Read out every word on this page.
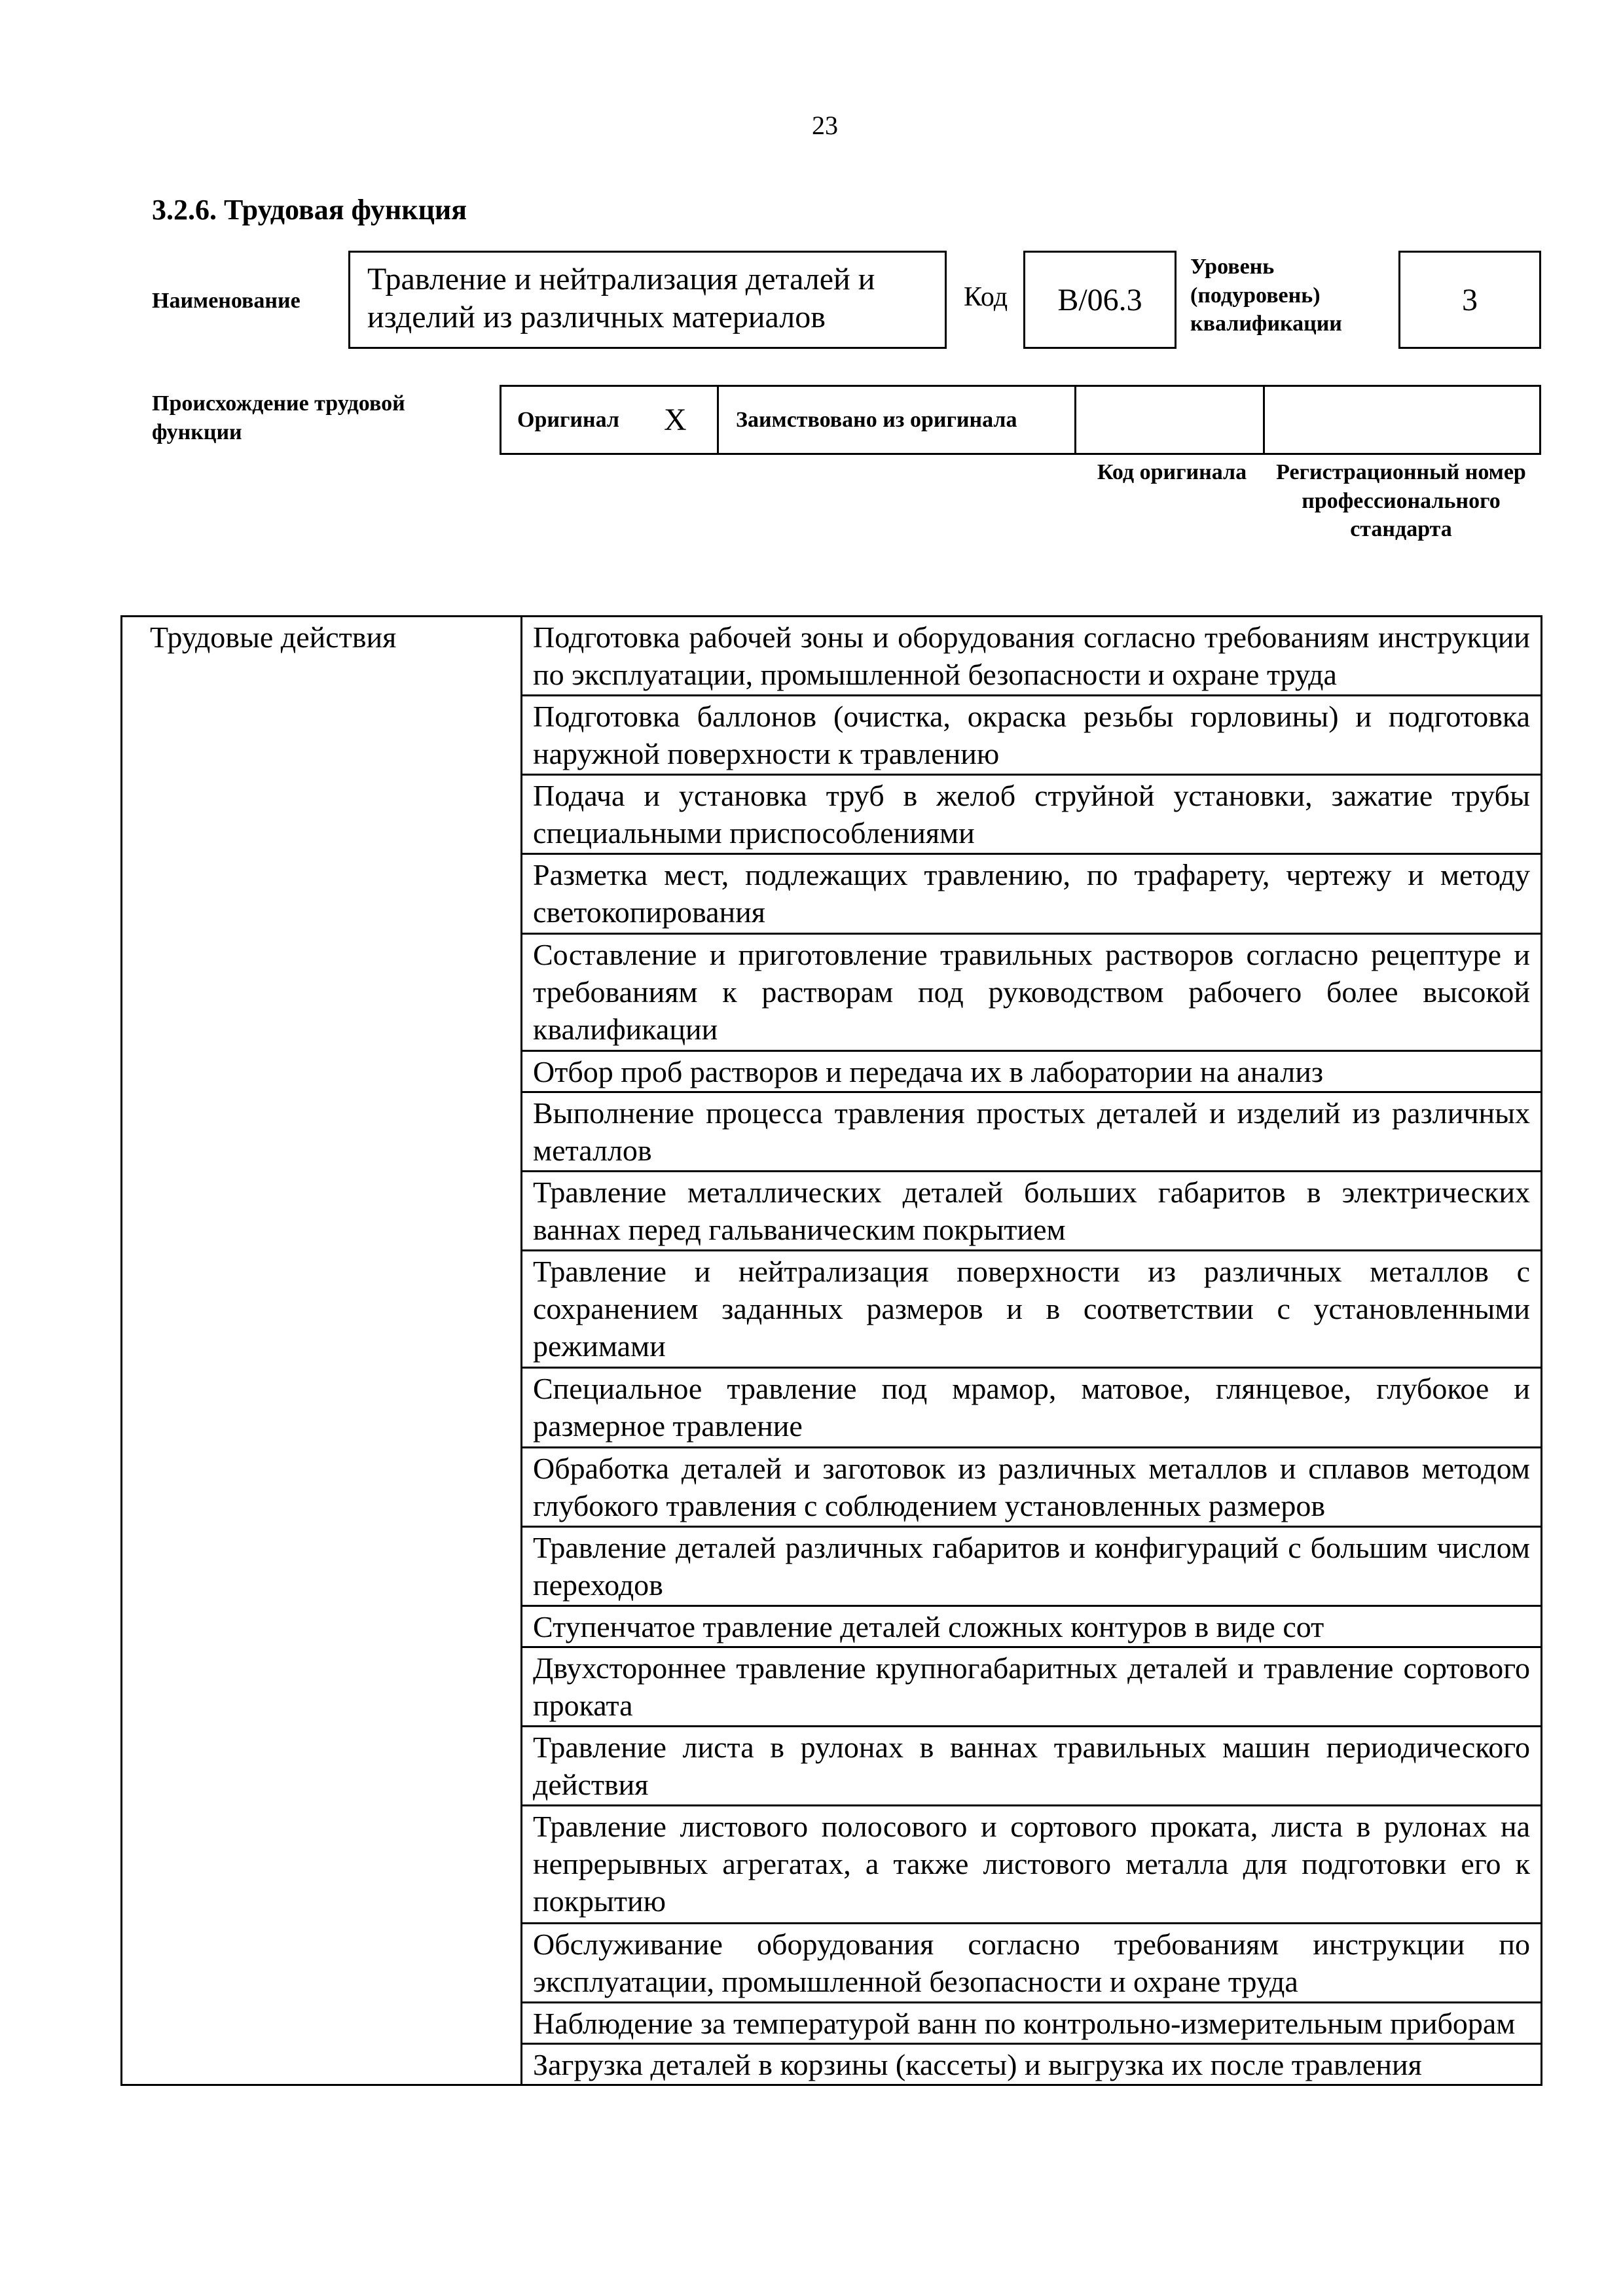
23
3.2.6. Трудовая функция
Наименование
Травление и нейтрализация деталей и изделий из различных материалов
Код	B/06.3
Уровень (подуровень) квалификации
3
Происхождение трудовой функции
Оригинал X	Заимствовано из оригинала
Код оригинала	Регистрационный номер профессионального стандарта
Трудовые действия	Подготовка рабочей зоны и оборудования согласно требованиям инструкции по эксплуатации, промышленной безопасности и охране труда
Подготовка баллонов (очистка, окраска резьбы горловины) и подготовка наружной поверхности к травлению
Подача и установка труб в желоб струйной установки, зажатие трубы специальными приспособлениями
Разметка мест, подлежащих травлению, по трафарету, чертежу и методу светокопирования
Составление и приготовление травильных растворов согласно рецептуре и требованиям к растворам под руководством рабочего более высокой квалификации
Отбор проб растворов и передача их в лаборатории на анализ
Выполнение процесса травления простых деталей и изделий из различных металлов
Травление металлических деталей больших габаритов в электрических ваннах перед гальваническим покрытием
Травление и нейтрализация поверхности из различных металлов с сохранением заданных размеров и в соответствии с установленными режимами
Специальное травление под мрамор, матовое, глянцевое, глубокое и размерное травление
Обработка деталей и заготовок из различных металлов и сплавов методом глубокого травления с соблюдением установленных размеров
Травление деталей различных габаритов и конфигураций с большим числом переходов
Ступенчатое травление деталей сложных контуров в виде сот
Двухстороннее травление крупногабаритных деталей и травление сортового проката
Травление листа в рулонах в ваннах травильных машин периодического действия
Травление листового полосового и сортового проката, листа в рулонах на непрерывных агрегатах, а также листового металла для подготовки его к покрытию
Обслуживание оборудования согласно требованиям инструкции по эксплуатации, промышленной безопасности и охране труда
Наблюдение за температурой ванн по контрольно-измерительным приборам
Загрузка деталей в корзины (кассеты) и выгрузка их после травления
